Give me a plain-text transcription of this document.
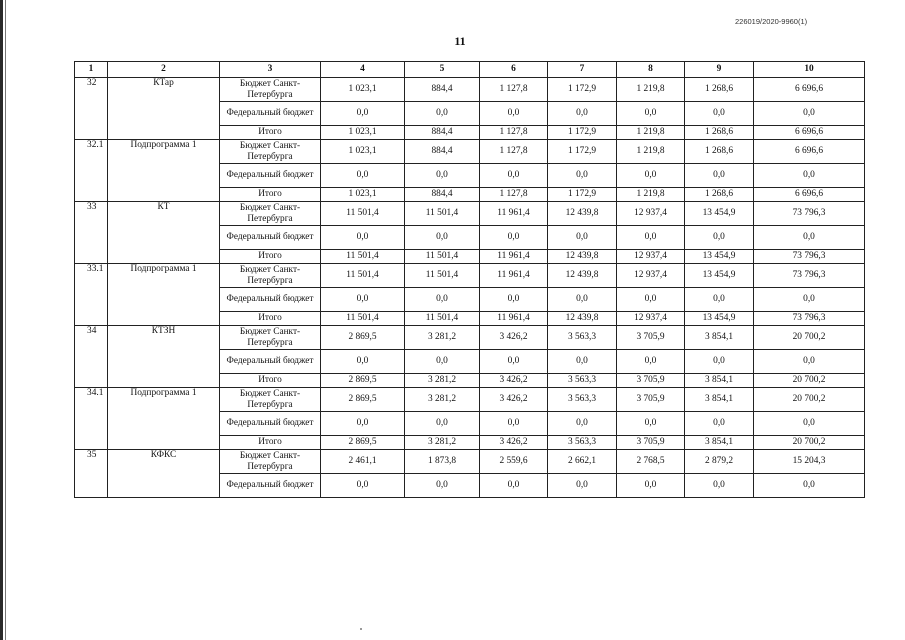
226019/2020-9960(1)
11
1	2	3	4	5	6	7	8	9	10
32	КТар	Бюджет Санкт-Петербурга	1 023,1	884,4	1 127,8	1 172,9	1 219,8	1 268,6	6 696,6
		Федеральный бюджет	0,0	0,0	0,0	0,0	0,0	0,0	0,0
		Итого	1 023,1	884,4	1 127,8	1 172,9	1 219,8	1 268,6	6 696,6
32.1	Подпрограмма 1	Бюджет Санкт-Петербурга	1 023,1	884,4	1 127,8	1 172,9	1 219,8	1 268,6	6 696,6
		Федеральный бюджет	0,0	0,0	0,0	0,0	0,0	0,0	0,0
		Итого	1 023,1	884,4	1 127,8	1 172,9	1 219,8	1 268,6	6 696,6
33	КТ	Бюджет Санкт-Петербурга	11 501,4	11 501,4	11 961,4	12 439,8	12 937,4	13 454,9	73 796,3
		Федеральный бюджет	0,0	0,0	0,0	0,0	0,0	0,0	0,0
		Итого	11 501,4	11 501,4	11 961,4	12 439,8	12 937,4	13 454,9	73 796,3
33.1	Подпрограмма 1	Бюджет Санкт-Петербурга	11 501,4	11 501,4	11 961,4	12 439,8	12 937,4	13 454,9	73 796,3
		Федеральный бюджет	0,0	0,0	0,0	0,0	0,0	0,0	0,0
		Итого	11 501,4	11 501,4	11 961,4	12 439,8	12 937,4	13 454,9	73 796,3
34	КТЗН	Бюджет Санкт-Петербурга	2 869,5	3 281,2	3 426,2	3 563,3	3 705,9	3 854,1	20 700,2
		Федеральный бюджет	0,0	0,0	0,0	0,0	0,0	0,0	0,0
		Итого	2 869,5	3 281,2	3 426,2	3 563,3	3 705,9	3 854,1	20 700,2
34.1	Подпрограмма 1	Бюджет Санкт-Петербурга	2 869,5	3 281,2	3 426,2	3 563,3	3 705,9	3 854,1	20 700,2
		Федеральный бюджет	0,0	0,0	0,0	0,0	0,0	0,0	0,0
		Итого	2 869,5	3 281,2	3 426,2	3 563,3	3 705,9	3 854,1	20 700,2
35	КФКС	Бюджет Санкт-Петербурга	2 461,1	1 873,8	2 559,6	2 662,1	2 768,5	2 879,2	15 204,3
		Федеральный бюджет	0,0	0,0	0,0	0,0	0,0	0,0	0,0
